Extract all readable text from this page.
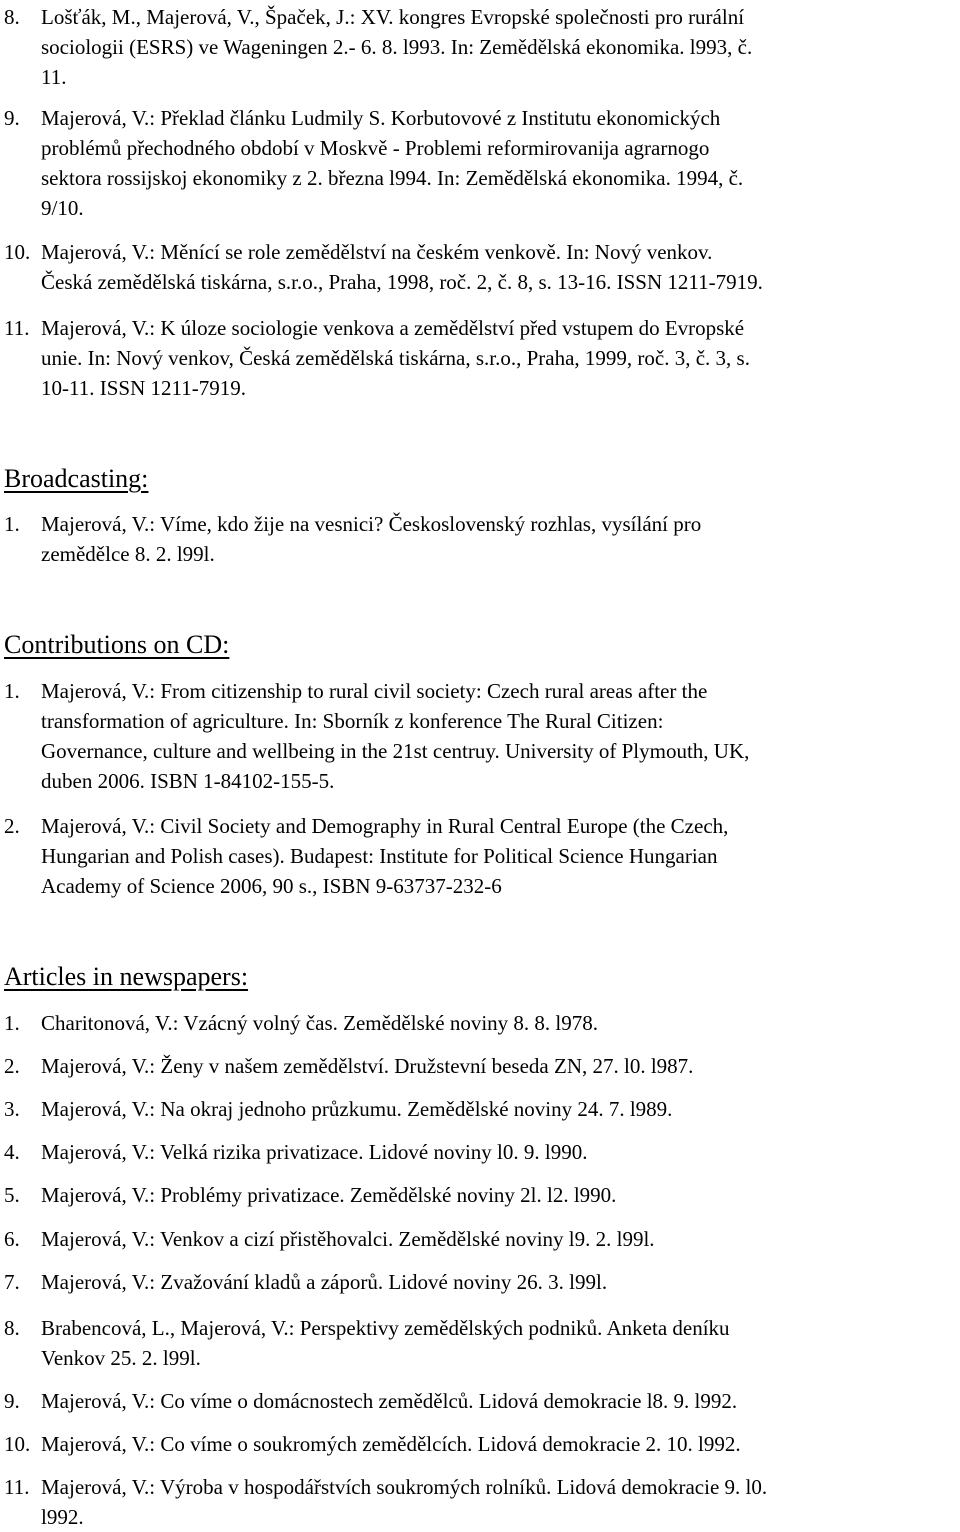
8. Lošťák, M., Majerová, V., Špaček, J.: XV. kongres Evropské společnosti pro rurální
sociologii (ESRS) ve Wageningen 2.- 6. 8. l993. In: Zemědělská ekonomika. l993, č.
11.
9. Majerová, V.: Překlad článku Ludmily S. Korbutovové z Institutu ekonomických
problémů přechodného období v Moskvě - Problemi reformirovanija agrarnogo
sektora rossijskoj ekonomiky z 2. března l994. In: Zemědělská ekonomika. 1994, č.
9/10.
10. Majerová, V.: Měnící se role zemědělství na českém venkově. In: Nový venkov.
Česká zemědělská tiskárna, s.r.o., Praha, 1998, roč. 2, č. 8, s. 13-16. ISSN 1211-7919.
11. Majerová, V.: K úloze sociologie venkova a zemědělství před vstupem do Evropské
unie. In: Nový venkov, Česká zemědělská tiskárna, s.r.o., Praha, 1999, roč. 3, č. 3, s.
10-11. ISSN 1211-7919.
Broadcasting:
1. Majerová, V.: Víme, kdo žije na vesnici? Československý rozhlas, vysílání pro
zemědělce 8. 2. l99l.
Contributions on CD:
1. Majerová, V.: From citizenship to rural civil society: Czech rural areas after the
transformation of agriculture. In: Sborník z konference The Rural Citizen:
Governance, culture and wellbeing in the 21st centruy. University of Plymouth, UK,
duben 2006. ISBN 1-84102-155-5.
2. Majerová, V.: Civil Society and Demography in Rural Central Europe (the Czech,
Hungarian and Polish cases). Budapest: Institute for Political Science Hungarian
Academy of Science 2006, 90 s., ISBN 9-63737-232-6
Articles in newspapers:
1. Charitonová, V.: Vzácný volný čas. Zemědělské noviny 8. 8. l978.
2. Majerová, V.: Ženy v našem zemědělství. Družstevní beseda ZN, 27. l0. l987.
3. Majerová, V.: Na okraj jednoho průzkumu. Zemědělské noviny 24. 7. l989.
4. Majerová, V.: Velká rizika privatizace. Lidové noviny l0. 9. l990.
5. Majerová, V.: Problémy privatizace. Zemědělské noviny 2l. l2. l990.
6. Majerová, V.: Venkov a cizí přistěhovalci. Zemědělské noviny l9. 2. l99l.
7. Majerová, V.: Zvažování kladů a záporů. Lidové noviny 26. 3. l99l.
8. Brabencová, L., Majerová, V.: Perspektivy zemědělských podniků. Anketa deníku
Venkov 25. 2. l99l.
9. Majerová, V.: Co víme o domácnostech zemědělců. Lidová demokracie l8. 9. l992.
10. Majerová, V.: Co víme o soukromých zemědělcích. Lidová demokracie 2. 10. l992.
11. Majerová, V.: Výroba v hospodářstvích soukromých rolníků. Lidová demokracie 9. l0.
l992.
